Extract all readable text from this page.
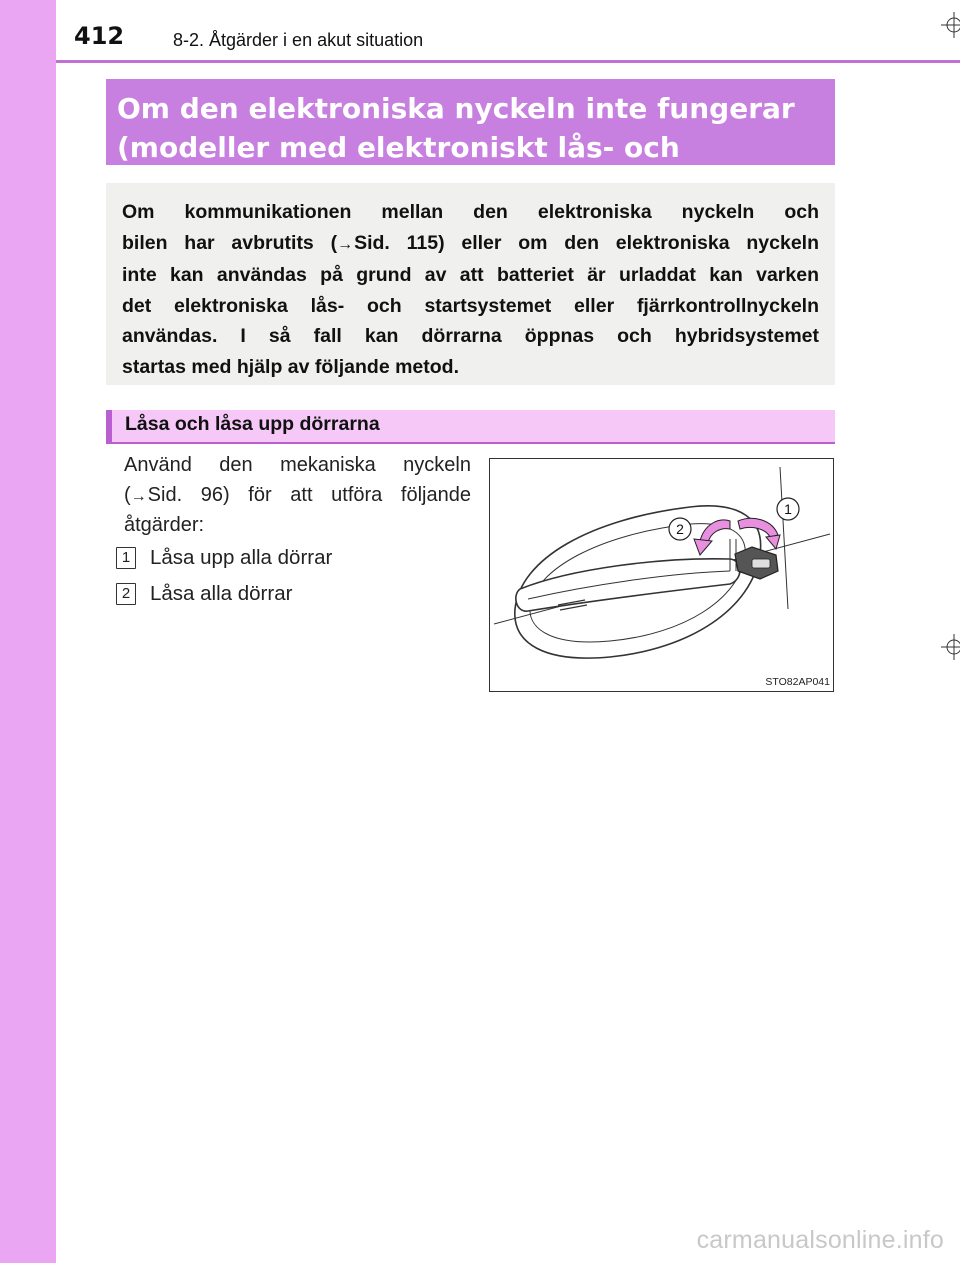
412	8-2. Åtgärder i en akut situation
Om den elektroniska nyckeln inte fungerar
(modeller med elektroniskt lås- och
Om kommunikationen mellan den elektroniska nyckeln och
bilen har avbrutits (→Sid. 115) eller om den elektroniska nyckeln
inte kan användas på grund av att batteriet är urladdat kan varken
det elektroniska lås- och startsystemet eller fjärrkontrollnyckeln
användas. I så fall kan dörrarna öppnas och hybridsystemet
startas med hjälp av följande metod.
Låsa och låsa upp dörrarna
Använd den mekaniska nyckeln
(→Sid. 96) för att utföra följande
åtgärder:
1 Låsa upp alla dörrar
2 Låsa alla dörrar
1
2
STO82AP041
carmanualsonline.info
